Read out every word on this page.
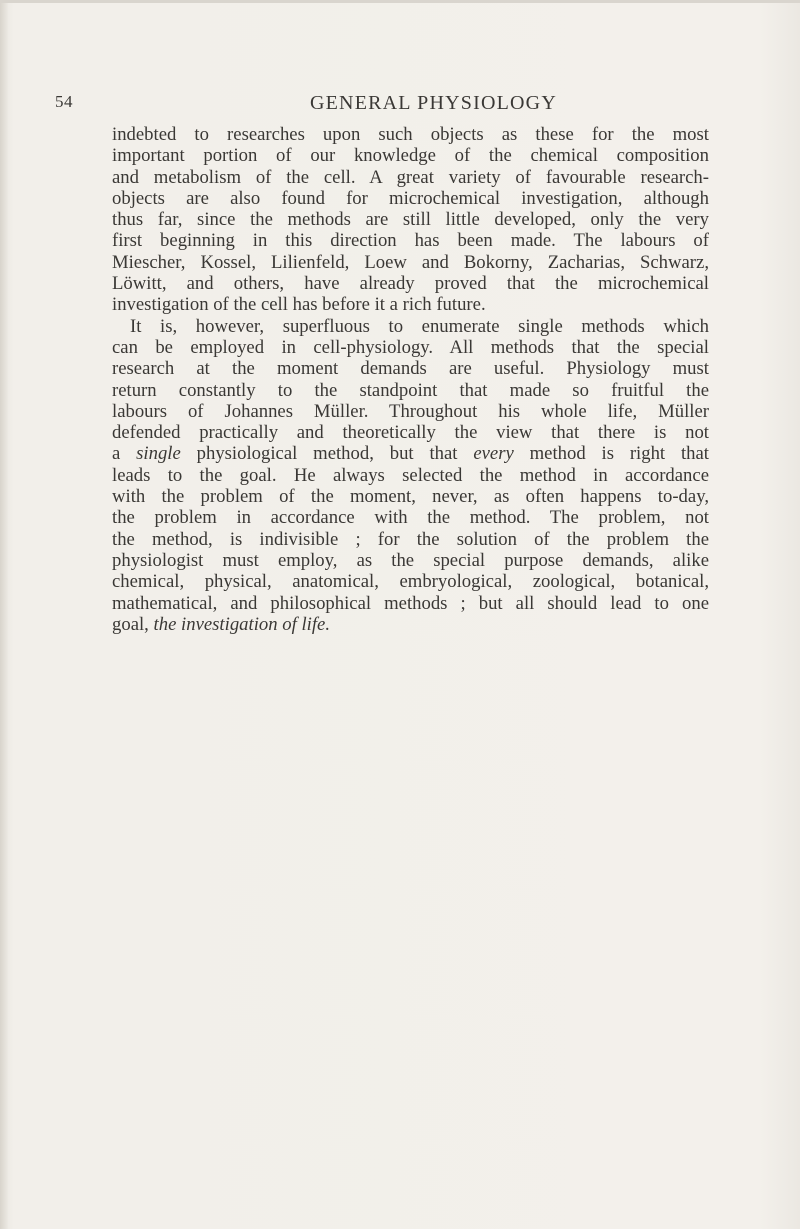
54	GENERAL PHYSIOLOGY
indebted to researches upon such objects as these for the most
important portion of our knowledge of the chemical composition
and metabolism of the cell. A great variety of favourable research-
objects are also found for microchemical investigation, although
thus far, since the methods are still little developed, only the very
first beginning in this direction has been made. The labours of
Miescher, Kossel, Lilienfeld, Loew and Bokorny, Zacharias, Schwarz,
Löwitt, and others, have already proved that the microchemical
investigation of the cell has before it a rich future.
It is, however, superfluous to enumerate single methods which
can be employed in cell-physiology. All methods that the special
research at the moment demands are useful. Physiology must
return constantly to the standpoint that made so fruitful the
labours of Johannes Müller. Throughout his whole life, Müller
defended practically and theoretically the view that there is not
a single physiological method, but that every method is right that
leads to the goal. He always selected the method in accordance
with the problem of the moment, never, as often happens to-day,
the problem in accordance with the method. The problem, not
the method, is indivisible ; for the solution of the problem the
physiologist must employ, as the special purpose demands, alike
chemical, physical, anatomical, embryological, zoological, botanical,
mathematical, and philosophical methods ; but all should lead to one
goal, the investigation of life.
